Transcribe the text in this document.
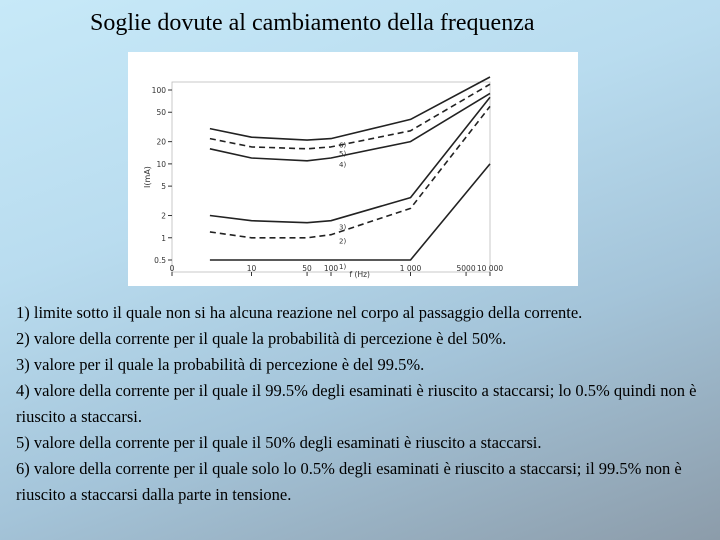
Soglie dovute al cambiamento della frequenza
0.5
1
2
5
10
20
50
100
0	10	50 100	1 000	5000 10 000
I(mA)
f (Hz)
1)
2)
3)
4)
5)
6)

1) limite sotto il quale non si ha alcuna reazione nel corpo al passaggio della corrente.

2) valore della corrente per il quale la probabilità di percezione è del 50%.

3) valore per il quale la probabilità di percezione è del 99.5%.

4) valore della corrente per il quale il 99.5% degli esaminati è riuscito a staccarsi; lo 0.5% quindi non è riuscito a staccarsi.

5) valore della corrente per il quale il 50% degli esaminati è riuscito a staccarsi.

6) valore della corrente per il quale solo lo 0.5% degli esaminati è riuscito a staccarsi; il 99.5% non è riuscito a staccarsi dalla parte in tensione.
